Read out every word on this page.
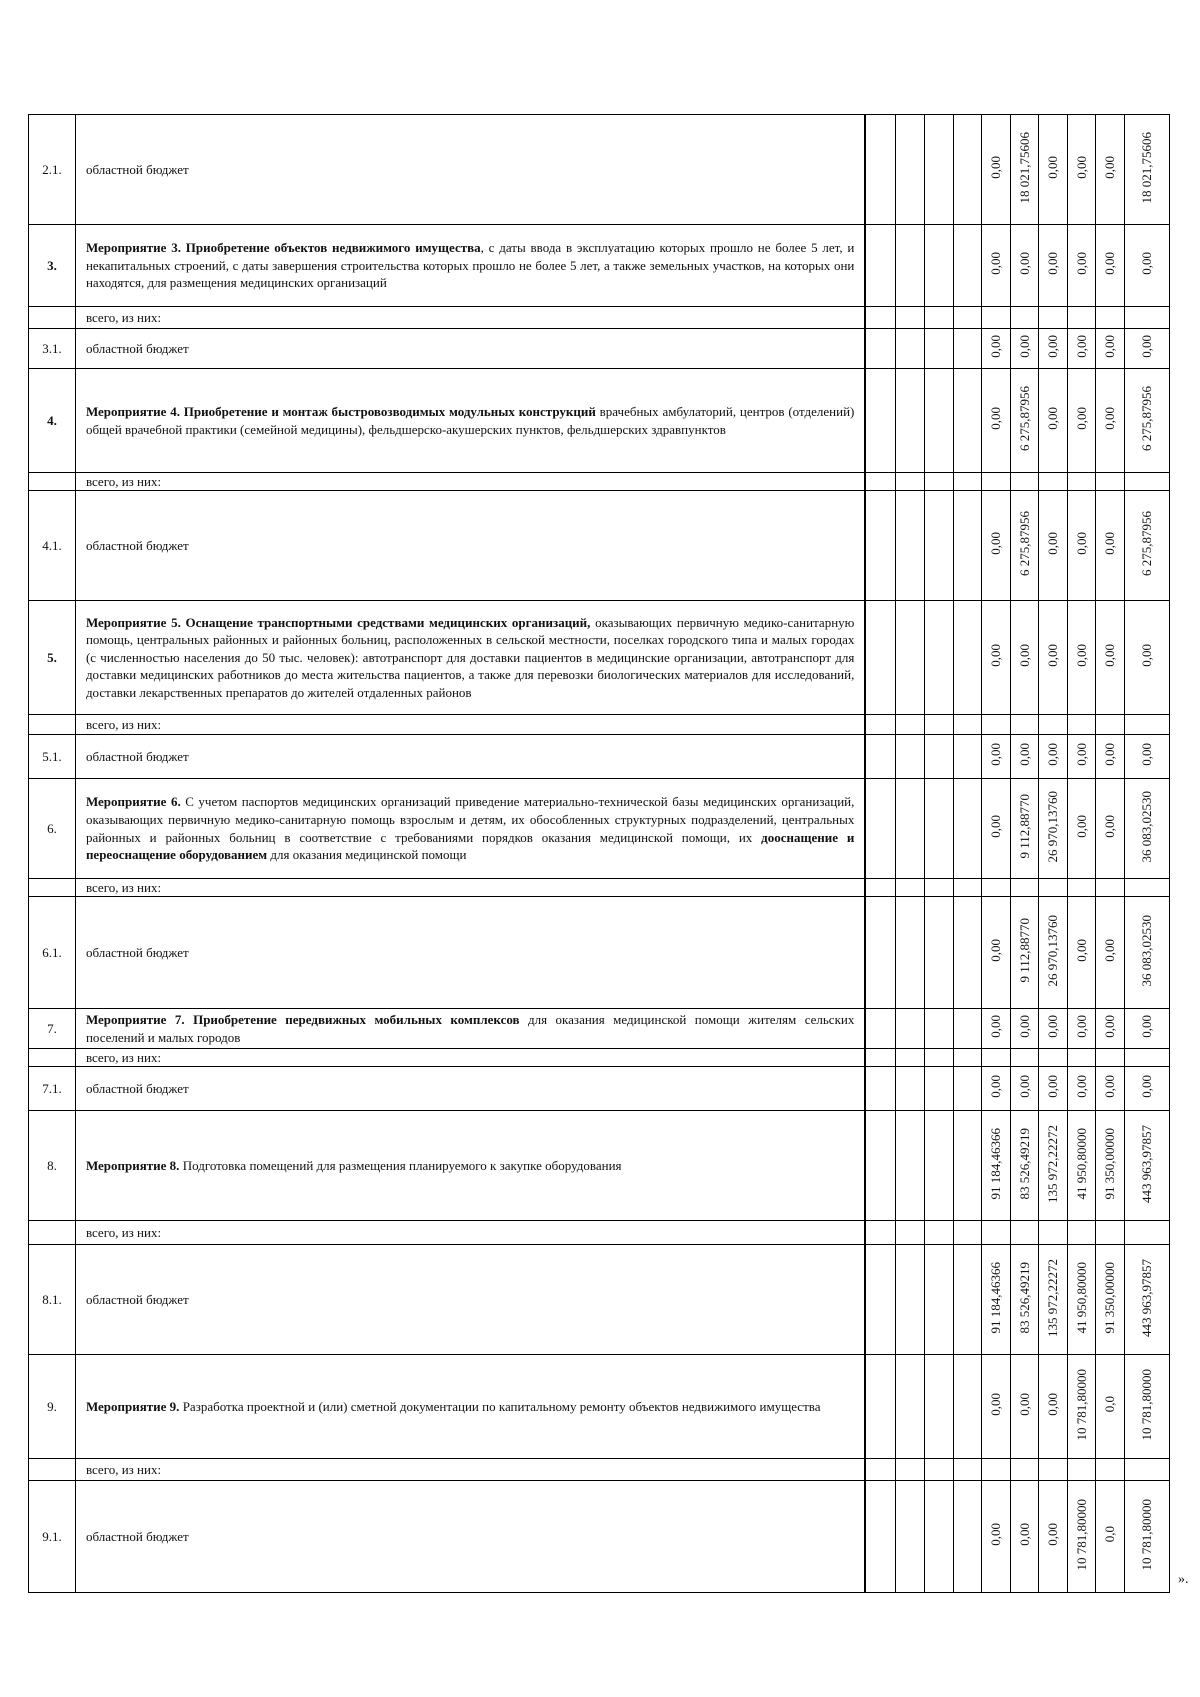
2.1.	областной бюджет					0,00	18 021,75606	0,00	0,00	0,00	18 021,75606
3.	Мероприятие 3. Приобретение объектов недвижимого имущества, с даты ввода в эксплуатацию которых прошло не более 5 лет, и некапитальных строений, с даты завершения строительства которых прошло не более 5 лет, а также земельных участков, на которых они находятся, для размещения медицинских организаций					0,00	0,00	0,00	0,00	0,00	0,00
	всего, из них:										
3.1.	областной бюджет					0,00	0,00	0,00	0,00	0,00	0,00
4.	Мероприятие 4. Приобретение и монтаж быстровозводимых модульных конструкций врачебных амбулаторий, центров (отделений) общей врачебной практики (семейной медицины), фельдшерско-акушерских пунктов, фельдшерских здравпунктов					0,00	6 275,87956	0,00	0,00	0,00	6 275,87956
	всего, из них:										
4.1.	областной бюджет					0,00	6 275,87956	0,00	0,00	0,00	6 275,87956
5.	Мероприятие 5. Оснащение транспортными средствами медицинских организаций, оказывающих первичную медико-санитарную помощь, центральных районных и районных больниц, расположенных в сельской местности, поселках городского типа и малых городах (с численностью населения до 50 тыс. человек): автотранспорт для доставки пациентов в медицинские организации, автотранспорт для доставки медицинских работников до места жительства пациентов, а также для перевозки биологических материалов для исследований, доставки лекарственных препаратов до жителей отдаленных районов					0,00	0,00	0,00	0,00	0,00	0,00
	всего, из них:										
5.1.	областной бюджет					0,00	0,00	0,00	0,00	0,00	0,00
6.	Мероприятие 6. С учетом паспортов медицинских организаций приведение материально-технической базы медицинских организаций, оказывающих первичную медико-санитарную помощь взрослым и детям, их обособленных структурных подразделений, центральных районных и районных больниц в соответствие с требованиями порядков оказания медицинской помощи, их дооснащение и переоснащение оборудованием для оказания медицинской помощи					0,00	9 112,88770	26 970,13760	0,00	0,00	36 083,02530
	всего, из них:										
6.1.	областной бюджет					0,00	9 112,88770	26 970,13760	0,00	0,00	36 083,02530
7.	Мероприятие 7. Приобретение передвижных мобильных комплексов для оказания медицинской помощи жителям сельских поселений и малых городов					0,00	0,00	0,00	0,00	0,00	0,00
	всего, из них:										
7.1.	областной бюджет					0,00	0,00	0,00	0,00	0,00	0,00
8.	Мероприятие 8. Подготовка помещений для размещения планируемого к закупке оборудования					91 184,46366	83 526,49219	135 972,22272	41 950,80000	91 350,00000	443 963,97857
	всего, из них:										
8.1.	областной бюджет					91 184,46366	83 526,49219	135 972,22272	41 950,80000	91 350,00000	443 963,97857
9.	Мероприятие 9. Разработка проектной и (или) сметной документации по капитальному ремонту объектов недвижимого имущества					0,00	0,00	0,00	10 781,80000	0,0	10 781,80000
	всего, из них:										
9.1.	областной бюджет					0,00	0,00	0,00	10 781,80000	0,0	10 781,80000
».
